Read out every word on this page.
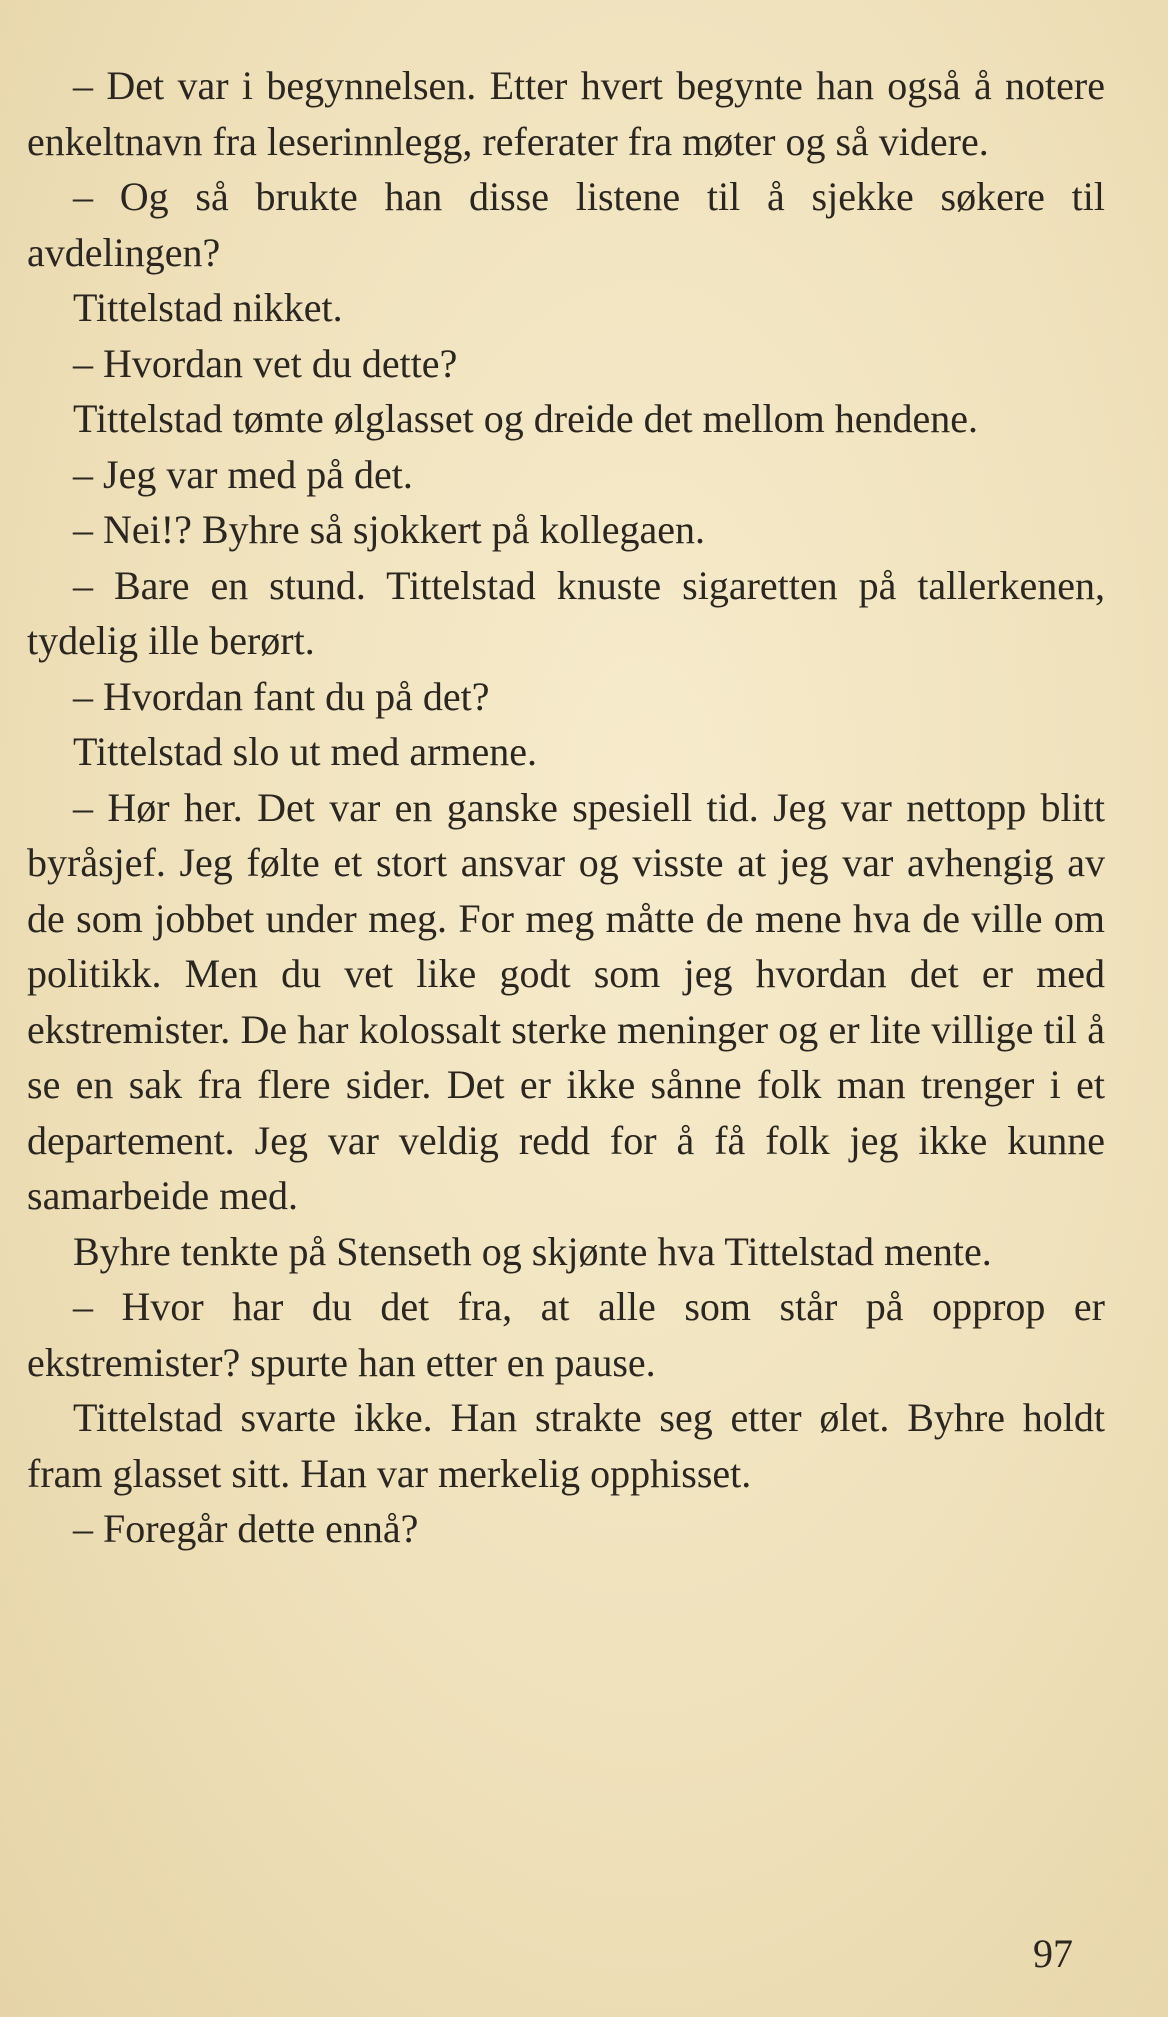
– Det var i begynnelsen. Etter hvert begynte han også å notere enkeltnavn fra leserinnlegg, referater fra møter og så videre.

– Og så brukte han disse listene til å sjekke søkere til avdelingen?

Tittelstad nikket.

– Hvordan vet du dette?

Tittelstad tømte ølglasset og dreide det mellom hendene.

– Jeg var med på det.

– Nei!? Byhre så sjokkert på kollegaen.

– Bare en stund. Tittelstad knuste sigaretten på tallerkenen, tydelig ille berørt.

– Hvordan fant du på det?

Tittelstad slo ut med armene.

– Hør her. Det var en ganske spesiell tid. Jeg var nettopp blitt byråsjef. Jeg følte et stort ansvar og visste at jeg var avhengig av de som jobbet under meg. For meg måtte de mene hva de ville om politikk. Men du vet like godt som jeg hvordan det er med ekstremister. De har kolossalt sterke meninger og er lite villige til å se en sak fra flere sider. Det er ikke sånne folk man trenger i et departement. Jeg var veldig redd for å få folk jeg ikke kunne samarbeide med.

Byhre tenkte på Stenseth og skjønte hva Tittelstad mente.

– Hvor har du det fra, at alle som står på opprop er ekstremister? spurte han etter en pause.

Tittelstad svarte ikke. Han strakte seg etter ølet. Byhre holdt fram glasset sitt. Han var merkelig opphisset.

– Foregår dette ennå?

97
